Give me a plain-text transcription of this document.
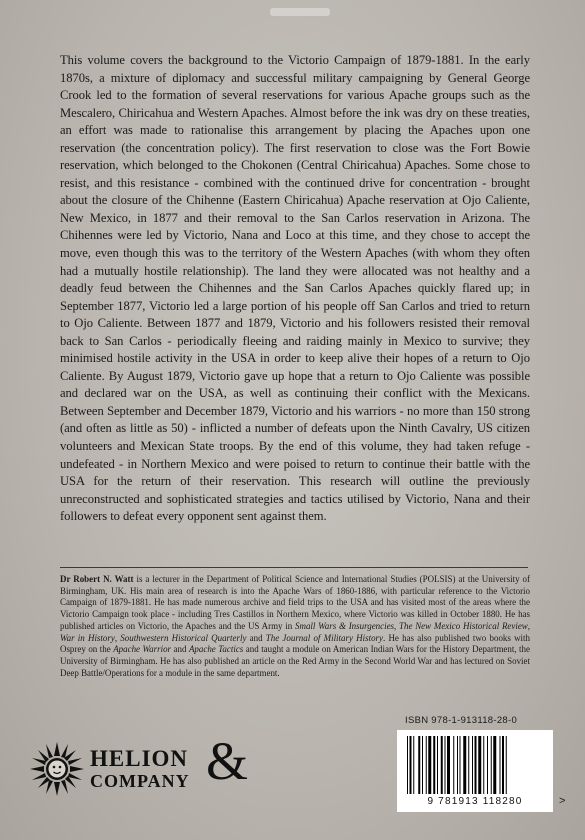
This volume covers the background to the Victorio Campaign of 1879-1881. In the early 1870s, a mixture of diplomacy and successful military campaigning by General George Crook led to the formation of several reservations for various Apache groups such as the Mescalero, Chiricahua and Western Apaches. Almost before the ink was dry on these treaties, an effort was made to rationalise this arrangement by placing the Apaches upon one reservation (the concentration policy). The first reservation to close was the Fort Bowie reservation, which belonged to the Chokonen (Central Chiricahua) Apaches. Some chose to resist, and this resistance - combined with the continued drive for concentration - brought about the closure of the Chihenne (Eastern Chiricahua) Apache reservation at Ojo Caliente, New Mexico, in 1877 and their removal to the San Carlos reservation in Arizona. The Chihennes were led by Victorio, Nana and Loco at this time, and they chose to accept the move, even though this was to the territory of the Western Apaches (with whom they often had a mutually hostile relationship). The land they were allocated was not healthy and a deadly feud between the Chihennes and the San Carlos Apaches quickly flared up; in September 1877, Victorio led a large portion of his people off San Carlos and tried to return to Ojo Caliente. Between 1877 and 1879, Victorio and his followers resisted their removal back to San Carlos - periodically fleeing and raiding mainly in Mexico to survive; they minimised hostile activity in the USA in order to keep alive their hopes of a return to Ojo Caliente. By August 1879, Victorio gave up hope that a return to Ojo Caliente was possible and declared war on the USA, as well as continuing their conflict with the Mexicans. Between September and December 1879, Victorio and his warriors - no more than 150 strong (and often as little as 50) - inflicted a number of defeats upon the Ninth Cavalry, US citizen volunteers and Mexican State troops. By the end of this volume, they had taken refuge - undefeated - in Northern Mexico and were poised to return to continue their battle with the USA for the return of their reservation. This research will outline the previously unreconstructed and sophisticated strategies and tactics utilised by Victorio, Nana and their followers to defeat every opponent sent against them.

Dr Robert N. Watt is a lecturer in the Department of Political Science and International Studies (POLSIS) at the University of Birmingham, UK. His main area of research is into the Apache Wars of 1860-1886, with particular reference to the Victorio Campaign of 1879-1881. He has made numerous archive and field trips to the USA and has visited most of the areas where the Victorio Campaign took place - including Tres Castillos in Northern Mexico, where Victorio was killed in October 1880. He has published articles on Victorio, the Apaches and the US Army in Small Wars & Insurgencies, The New Mexico Historical Review, War in History, Southwestern Historical Quarterly and The Journal of Military History. He has also published two books with Osprey on the Apache Warrior and Apache Tactics and taught a module on American Indian Wars for the History Department, the University of Birmingham. He has also published an article on the Red Army in the Second World War and has lectured on Soviet Deep Battle/Operations for a module in the same department.

HELION
COMPANY &
ISBN 978-1-913118-28-0
9 781913 118280	>
